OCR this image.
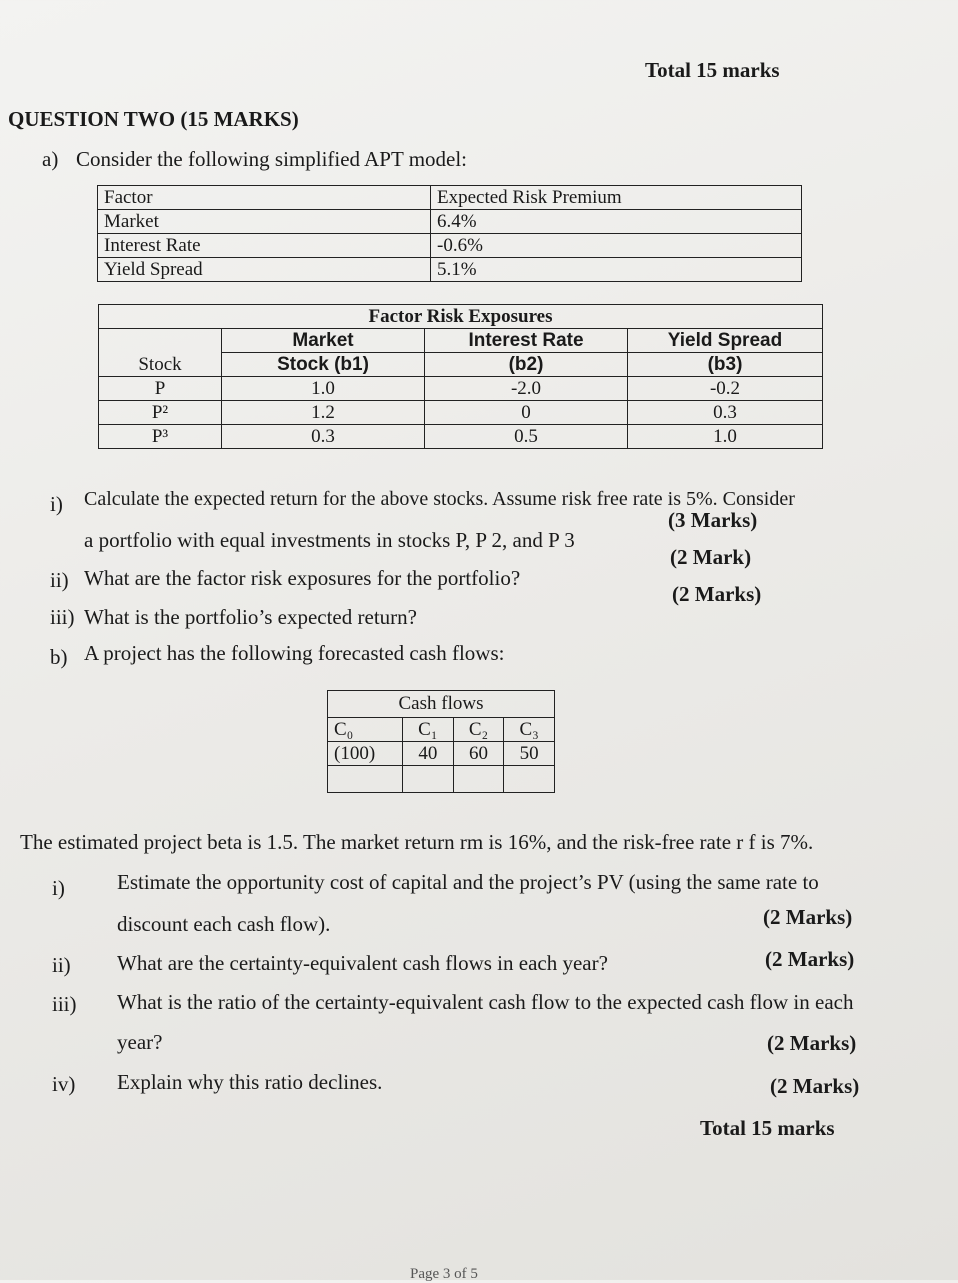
Total 15 marks
QUESTION TWO (15 MARKS)
a) Consider the following simplified APT model:
Factor	Expected Risk Premium
Market	6.4%
Interest Rate	-0.6%
Yield Spread	5.1%
Factor Risk Exposures			
Stock	Market	Interest Rate	Yield Spread
	Stock (b1)	(b2)	(b3)
P	1.0	-2.0	-0.2
P²	1.2	0	0.3
P³	0.3	0.5	1.0
i) Calculate the expected return for the above stocks. Assume risk free rate is 5%. Consider
a portfolio with equal investments in stocks P, P 2, and P 3
(3 Marks)
ii) What are the factor risk exposures for the portfolio?
(2 Mark)
iii) What is the portfolio’s expected return?
(2 Marks)
b) A project has the following forecasted cash flows:
Cash flows			
C₀	C₁	C₂	C₃
(100)	40	60	50

The estimated project beta is 1.5. The market return rm is 16%, and the risk-free rate r f is 7%.
i) Estimate the opportunity cost of capital and the project’s PV (using the same rate to
discount each cash flow).	(2 Marks)
ii) What are the certainty-equivalent cash flows in each year?	(2 Marks)
iii) What is the ratio of the certainty-equivalent cash flow to the expected cash flow in each
year?	(2 Marks)
iv) Explain why this ratio declines.	(2 Marks)
Total 15 marks
Page 3 of 5
